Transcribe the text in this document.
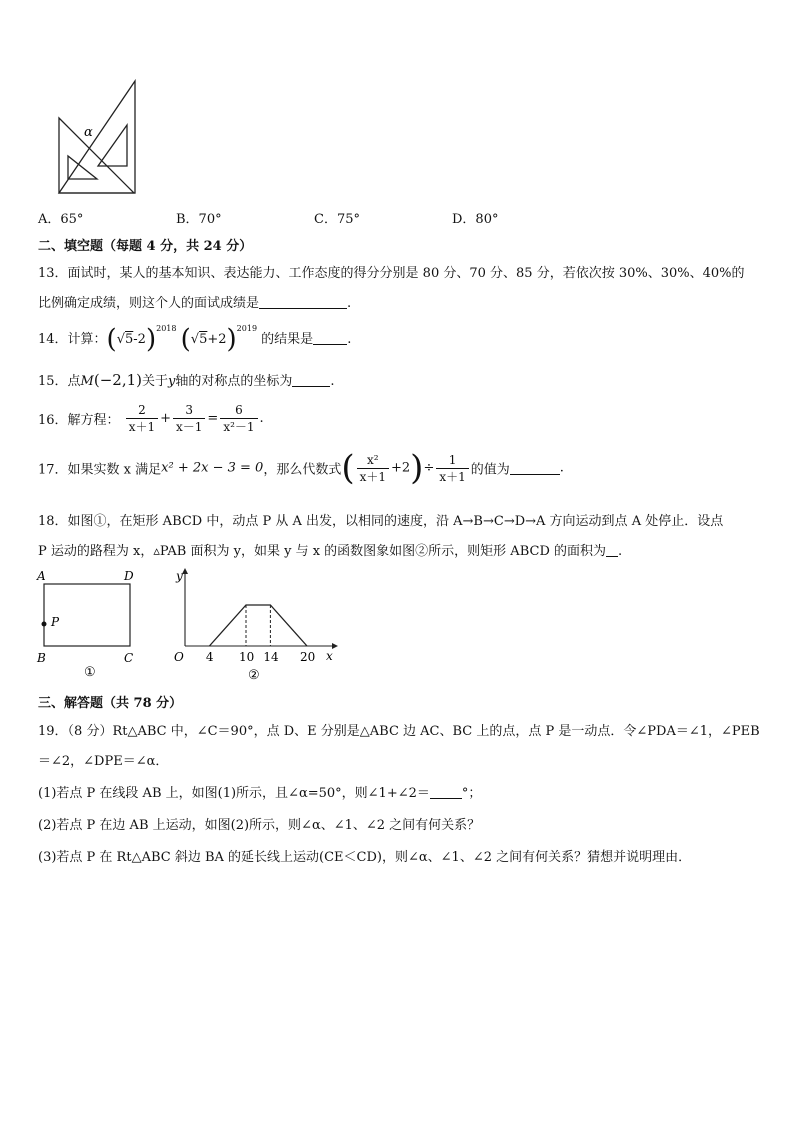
α
A．65°	B．70°	C．75°	D．80°
二、填空题（每题 4 分，共 24 分）
13．面试时，某人的基本知识、表达能力、工作态度的得分分别是 80 分、70 分、85 分，若依次按 30%、30%、40%的
比例确定成绩，则这个人的面试成绩是	.
14．计算：$(√5-2)^{2018}$ $(√5+2)^{2019}$ 的结果是	.
15．点M(−2,1)关于y轴的对称点的坐标为	.
16．解方程： $\frac{2}{x+1} + \frac{3}{x-1} = \frac{6}{\text{x²－1}}$ .
17．如果实数 x 满足x² + 2x − 3 = 0，那么代数式( $\frac{\text{x²}}{x+1} +2)\div \frac{1}{x+1}$ 的值为	.
18．如图①，在矩形 ABCD 中，动点 P 从 A 出发，以相同的速度，沿 A→B→C→D→A 方向运动到点 A 处停止．设点
P 运动的路程为 x，▵PAB 面积为 y，如果 y 与 x 的函数图象如图②所示，则矩形 ABCD 的面积为 .
A	D
B	C
P
①
y
x
O 4 10 14 20
②
三、解答题（共 78 分）
19．（8 分）Rt△ABC 中，∠C＝90°，点 D、E 分别是△ABC 边 AC、BC 上的点，点 P 是一动点．令∠PDA＝∠1，∠PEB
＝∠2，∠DPE＝∠α．
(1)若点 P 在线段 AB 上，如图(1)所示，且∠α=50°，则∠1+∠2＝ °；
(2)若点 P 在边 AB 上运动，如图(2)所示，则∠α、∠1、∠2 之间有何关系？
(3)若点 P 在 Rt△ABC 斜边 BA 的延长线上运动(CE＜CD)，则∠α、∠1、∠2 之间有何关系？猜想并说明理由．
